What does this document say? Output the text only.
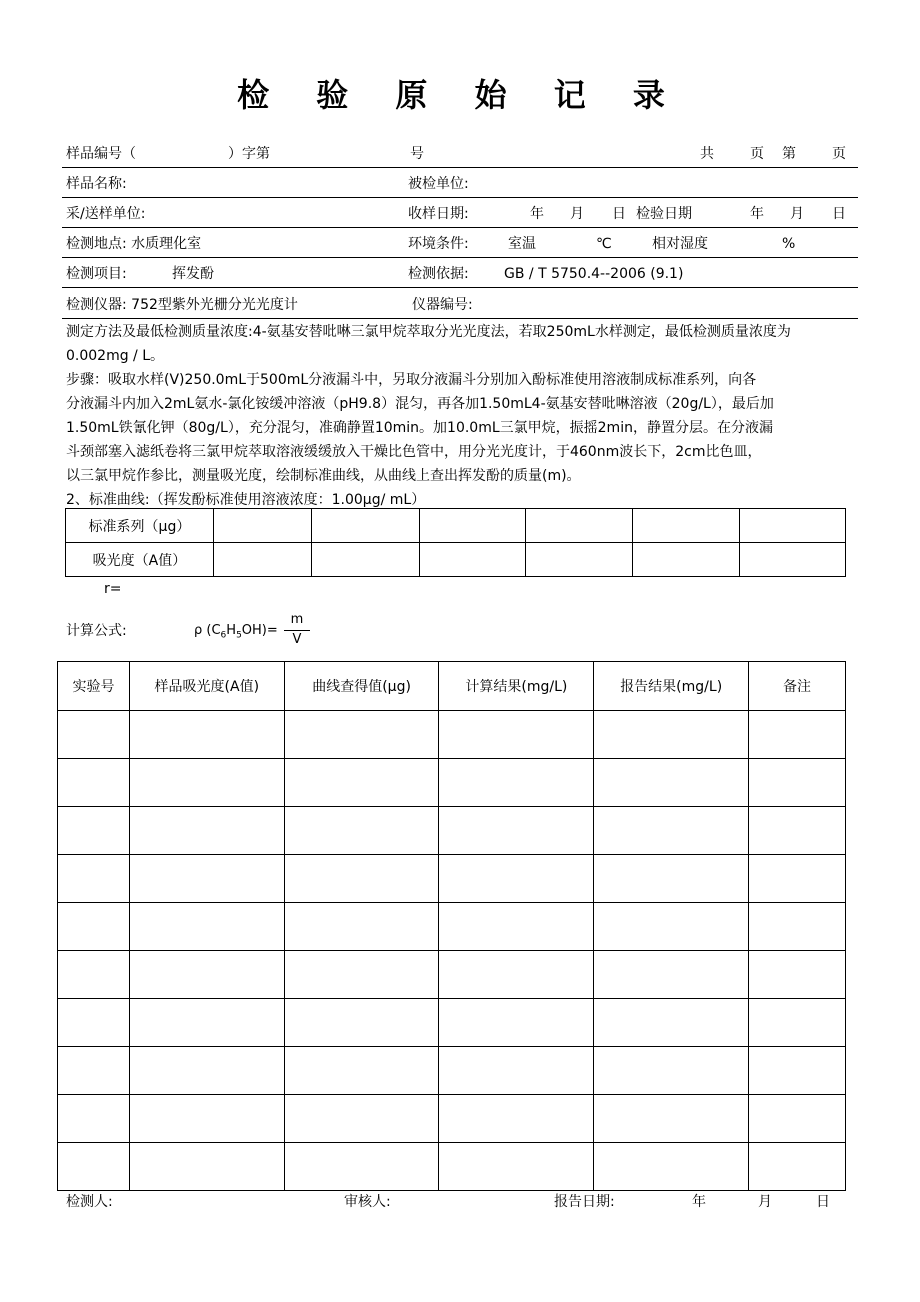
检 验 原 始 记 录
样品编号（	）字第	号	共	页 第	页
样品名称:	被检单位:
采/送样单位:	收样日期:	年 月 日 检验日期	年 月 日
检测地点: 水质理化室	环境条件:	室温	℃	相对湿度	%
检测项目:	挥发酚	检测依据:	GB / T 5750.4--2006 (9.1)
检测仪器: 752型紫外光栅分光光度计	仪器编号:
测定方法及最低检测质量浓度:4-氨基安替吡啉三氯甲烷萃取分光光度法，若取250mL水样测定，最低检测质量浓度为
0.002mg / L。
步骤：吸取水样(V)250.0mL于500mL分液漏斗中，另取分液漏斗分别加入酚标准使用溶液制成标准系列，向各
分液漏斗内加入2mL氨水-氯化铵缓冲溶液（pH9.8）混匀，再各加1.50mL4-氨基安替吡啉溶液（20g/L），最后加
1.50mL铁氰化钾（80g/L），充分混匀，准确静置10min。加10.0mL三氯甲烷，振摇2min，静置分层。在分液漏
斗颈部塞入滤纸卷将三氯甲烷萃取溶液缓缓放入干燥比色管中，用分光光度计，于460nm波长下，2cm比色皿，
以三氯甲烷作参比，测量吸光度，绘制标准曲线，从曲线上查出挥发酚的质量(m)。
2、标准曲线:（挥发酚标准使用溶液浓度：1.00μg/ mL）
标准系列（μg）						
吸光度（A值）						
r=
计算公式:	ρ $(C_6H_5OH)=$
m
V
实验号	样品吸光度(A值)	曲线查得值(μg)	计算结果(mg/L)	报告结果(mg/L)	备注

检测人:	审核人:	报告日期:	年	月	日
